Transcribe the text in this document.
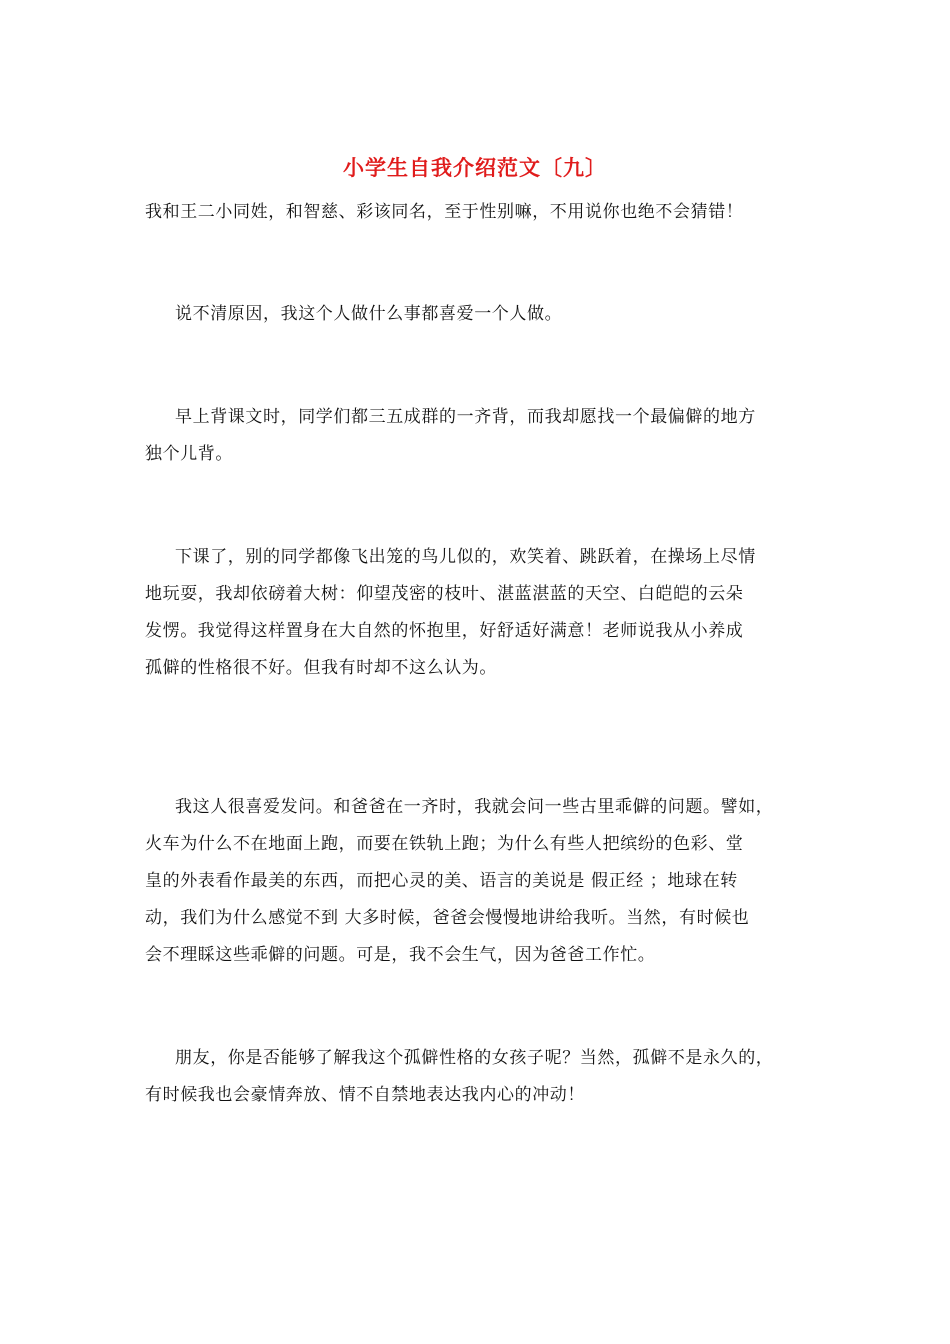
小学生自我介绍范文〔九〕
我和王二小同姓，和智慈、彩该同名，至于性别嘛，不用说你也绝不会猜错！
说不清原因，我这个人做什么事都喜爱一个人做。
早上背课文时，同学们都三五成群的一齐背，而我却愿找一个最偏僻的地方
独个儿背。
下课了，别的同学都像飞出笼的鸟儿似的，欢笑着、跳跃着，在操场上尽情
地玩耍，我却依磅着大树：仰望茂密的枝叶、湛蓝湛蓝的天空、白皑皑的云朵
发愣。我觉得这样置身在大自然的怀抱里，好舒适好满意！老师说我从小养成
孤僻的性格很不好。但我有时却不这么认为。
我这人很喜爱发问。和爸爸在一齐时，我就会问一些古里乖僻的问题。譬如，
火车为什么不在地面上跑，而要在铁轨上跑；为什么有些人把缤纷的色彩、堂
皇的外表看作最美的东西，而把心灵的美、语言的美说是 假正经 ；地球在转
动，我们为什么感觉不到 大多时候，爸爸会慢慢地讲给我听。当然，有时候也
会不理睬这些乖僻的问题。可是，我不会生气，因为爸爸工作忙。
朋友，你是否能够了解我这个孤僻性格的女孩子呢？当然，孤僻不是永久的，
有时候我也会豪情奔放、情不自禁地表达我内心的冲动！
